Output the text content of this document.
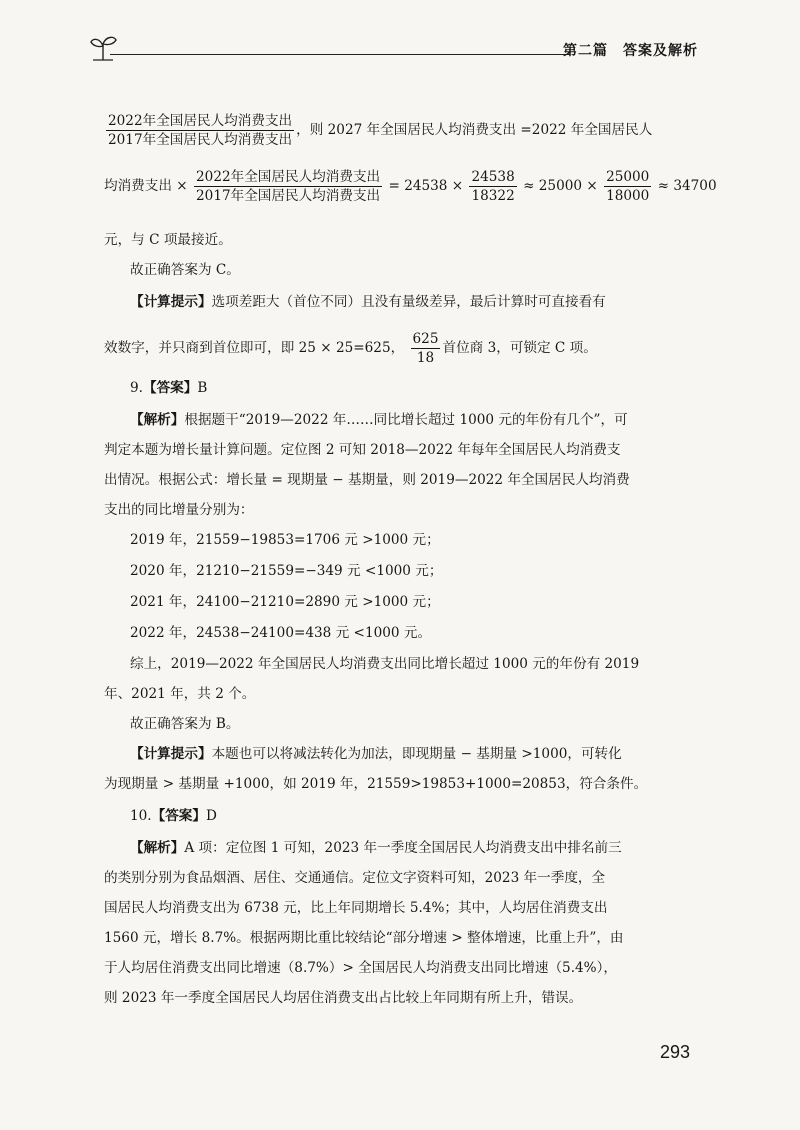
第二篇　答案及解析
$\frac{\text{2022年全国居民人均消费支出}}{\text{2017年全国居民人均消费支出}}$ ，则 2027 年全国居民人均消费支出 =2022 年全国居民人
均消费支出 × $\frac{\text{2022年全国居民人均消费支出}}{\text{2017年全国居民人均消费支出}} = 24538 \times \frac{24538}{18322} \approx 25000 \times \frac{25000}{18000} \approx 34700$
元，与 C 项最接近。
故正确答案为 C。
【计算提示】选项差距大（首位不同）且没有量级差异，最后计算时可直接看有
效数字，并只商到首位即可，即 25 × 25=625， $\frac{625}{18}$ 首位商 3，可锁定 C 项。
9.【答案】B
【解析】根据题干“2019—2022 年……同比增长超过 1000 元的年份有几个”，可
判定本题为增长量计算问题。定位图 2 可知 2018—2022 年每年全国居民人均消费支
出情况。根据公式：增长量 = 现期量 − 基期量，则 2019—2022 年全国居民人均消费
支出的同比增量分别为：
2019 年，21559−19853=1706 元 >1000 元；
2020 年，21210−21559=−349 元 <1000 元；
2021 年，24100−21210=2890 元 >1000 元；
2022 年，24538−24100=438 元 <1000 元。
综上，2019—2022 年全国居民人均消费支出同比增长超过 1000 元的年份有 2019
年、2021 年，共 2 个。
故正确答案为 B。
【计算提示】本题也可以将减法转化为加法，即现期量 − 基期量 >1000，可转化
为现期量 > 基期量 +1000，如 2019 年，21559>19853+1000=20853，符合条件。
10.【答案】D
【解析】A 项：定位图 1 可知，2023 年一季度全国居民人均消费支出中排名前三
的类别分别为食品烟酒、居住、交通通信。定位文字资料可知，2023 年一季度，全
国居民人均消费支出为 6738 元，比上年同期增长 5.4%；其中，人均居住消费支出
1560 元，增长 8.7%。根据两期比重比较结论“部分增速 > 整体增速，比重上升”，由
于人均居住消费支出同比增速（8.7%）> 全国居民人均消费支出同比增速（5.4%），
则 2023 年一季度全国居民人均居住消费支出占比较上年同期有所上升，错误。
293
